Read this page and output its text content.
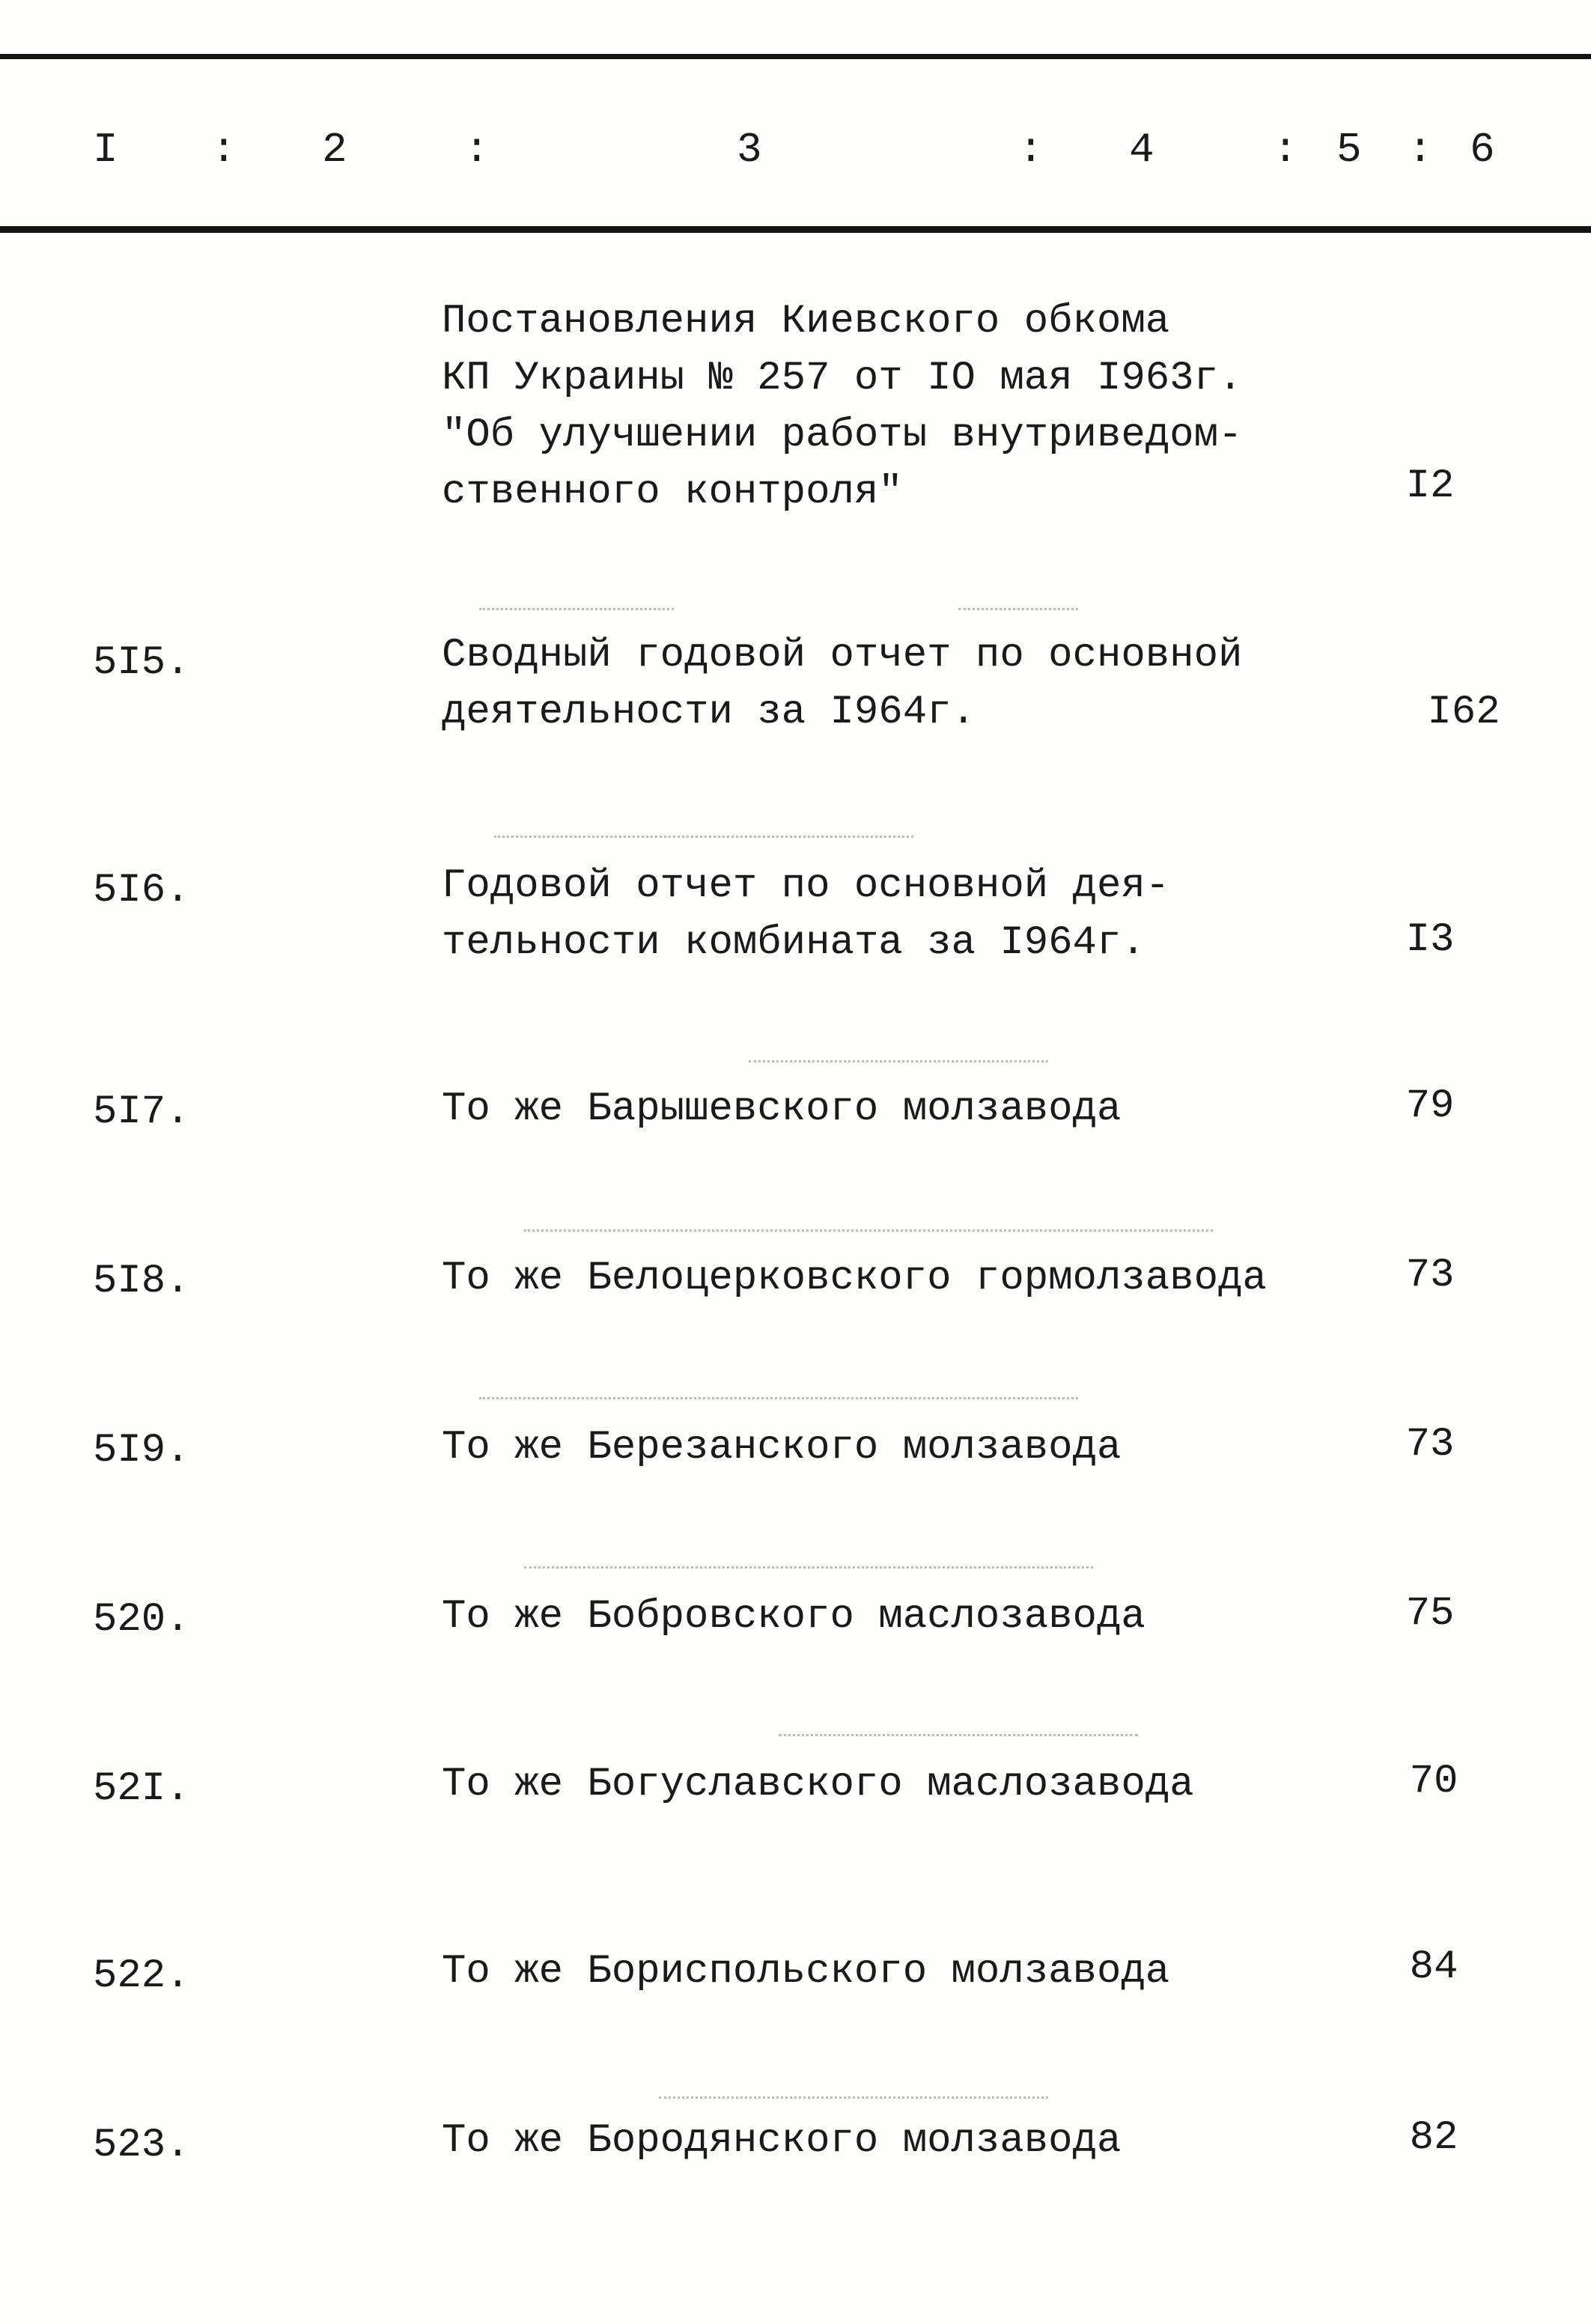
I : 2	:	3	: 4	: 5 : 6
Постановления Киевского обкома
КП Украины № 257 от IO мая I963г.
"Об улучшении работы внутриведом-
ственного контроля"	I2
5I5.	Сводный годовой отчет по основной
деятельности за I964г.	I62
5I6.	Годовой отчет по основной дея-
тельности комбината за I964г.	I3
5I7.	То же Барышевского молзавода	79
5I8.	То же Белоцерковского гормолзавода	73
5I9.	То же Березанского молзавода	73
520.	То же Бобровского маслозавода	75
52I.	То же Богуславского маслозавода	70
522.	То же Бориспольского молзавода	84
523.	То же Бородянского молзавода	82
